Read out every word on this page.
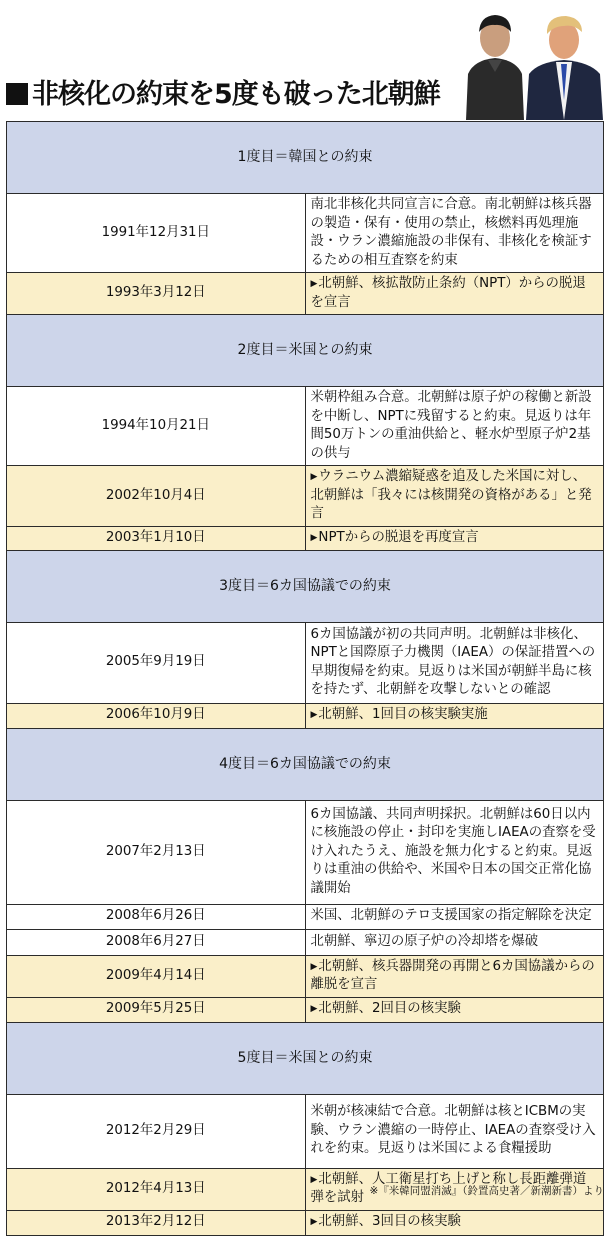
非核化の約束を5度も破った北朝鮮
1度目＝韓国との約束	
1991年12月31日	南北非核化共同宣言に合意。南北朝鮮は核兵器の製造・保有・使用の禁止，核燃料再処理施設・ウラン濃縮施設の非保有、非核化を検証するための相互査察を約束
1993年3月12日	▶北朝鮮、核拡散防止条約（NPT）からの脱退を宣言
2度目＝米国との約束	
1994年10月21日	米朝枠組み合意。北朝鮮は原子炉の稼働と新設を中断し、NPTに残留すると約束。見返りは年間50万トンの重油供給と、軽水炉型原子炉2基の供与
2002年10月4日	▶ウラニウム濃縮疑惑を追及した米国に対し、北朝鮮は「我々には核開発の資格がある」と発言
2003年1月10日	▶NPTからの脱退を再度宣言
3度目＝6カ国協議での約束	
2005年9月19日	6カ国協議が初の共同声明。北朝鮮は非核化、NPTと国際原子力機関（IAEA）の保証措置への早期復帰を約束。見返りは米国が朝鮮半島に核を持たず、北朝鮮を攻撃しないとの確認
2006年10月9日	▶北朝鮮、1回目の核実験実施
4度目＝6カ国協議での約束	
2007年2月13日	6カ国協議、共同声明採択。北朝鮮は60日以内に核施設の停止・封印を実施しIAEAの査察を受け入れたうえ、施設を無力化すると約束。見返りは重油の供給や、米国や日本の国交正常化協議開始
2008年6月26日	米国、北朝鮮のテロ支援国家の指定解除を決定
2008年6月27日	北朝鮮、寧辺の原子炉の冷却塔を爆破
2009年4月14日	▶北朝鮮、核兵器開発の再開と6カ国協議からの離脱を宣言
2009年5月25日	▶北朝鮮、2回目の核実験
5度目＝米国との約束	
2012年2月29日	米朝が核凍結で合意。北朝鮮は核とICBMの実験、ウラン濃縮の一時停止、IAEAの査察受け入れを約束。見返りは米国による食糧援助
2012年4月13日	▶北朝鮮、人工衛星打ち上げと称し長距離弾道弾を試射
2013年2月12日	▶北朝鮮、3回目の核実験
※『米韓同盟消滅』（鈴置高史著／新潮新書）より
